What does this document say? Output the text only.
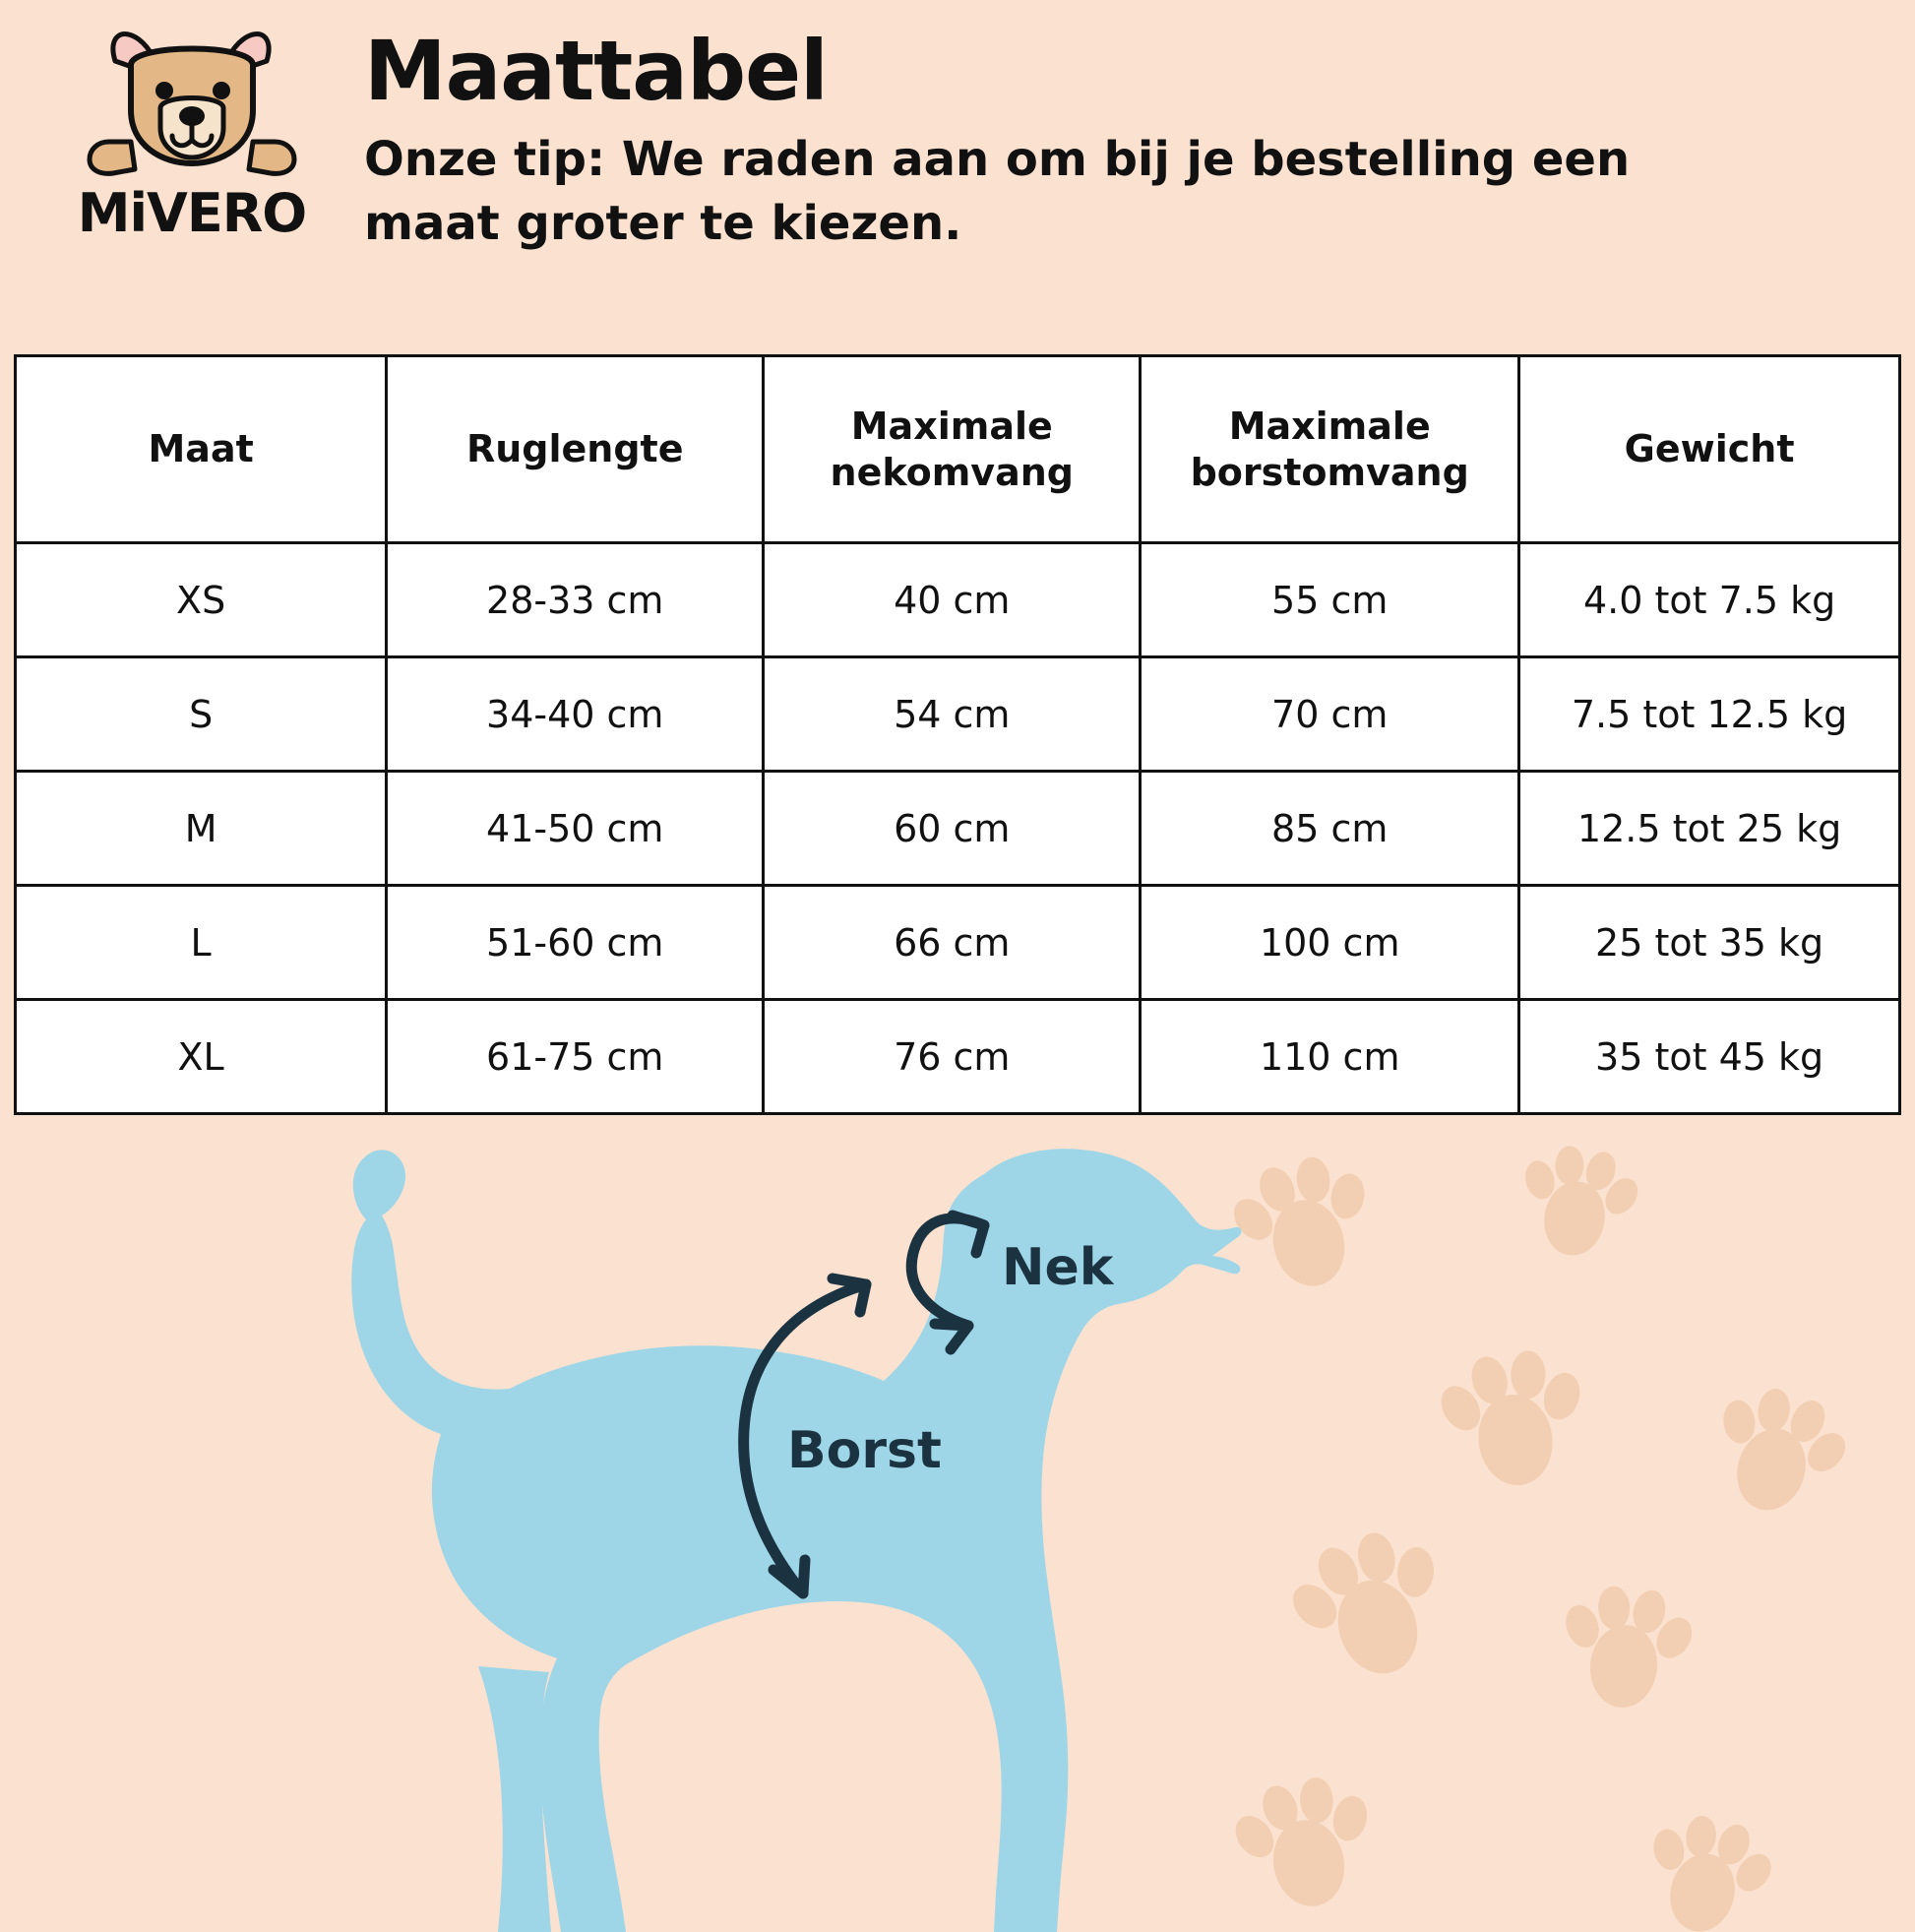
MiVERO
Maattabel

Onze tip: We raden aan om bij je bestelling een maat groter te kiezen.

Maat	Ruglengte	Maximale nekomvang	Maximale borstomvang	Gewicht
XS	28-33 cm	40 cm	55 cm	4.0 tot 7.5 kg
S	34-40 cm	54 cm	70 cm	7.5 tot 12.5 kg
M	41-50 cm	60 cm	85 cm	12.5 tot 25 kg
L	51-60 cm	66 cm	100 cm	25 tot 35 kg
XL	61-75 cm	76 cm	110 cm	35 tot 45 kg
Nek
Borst
